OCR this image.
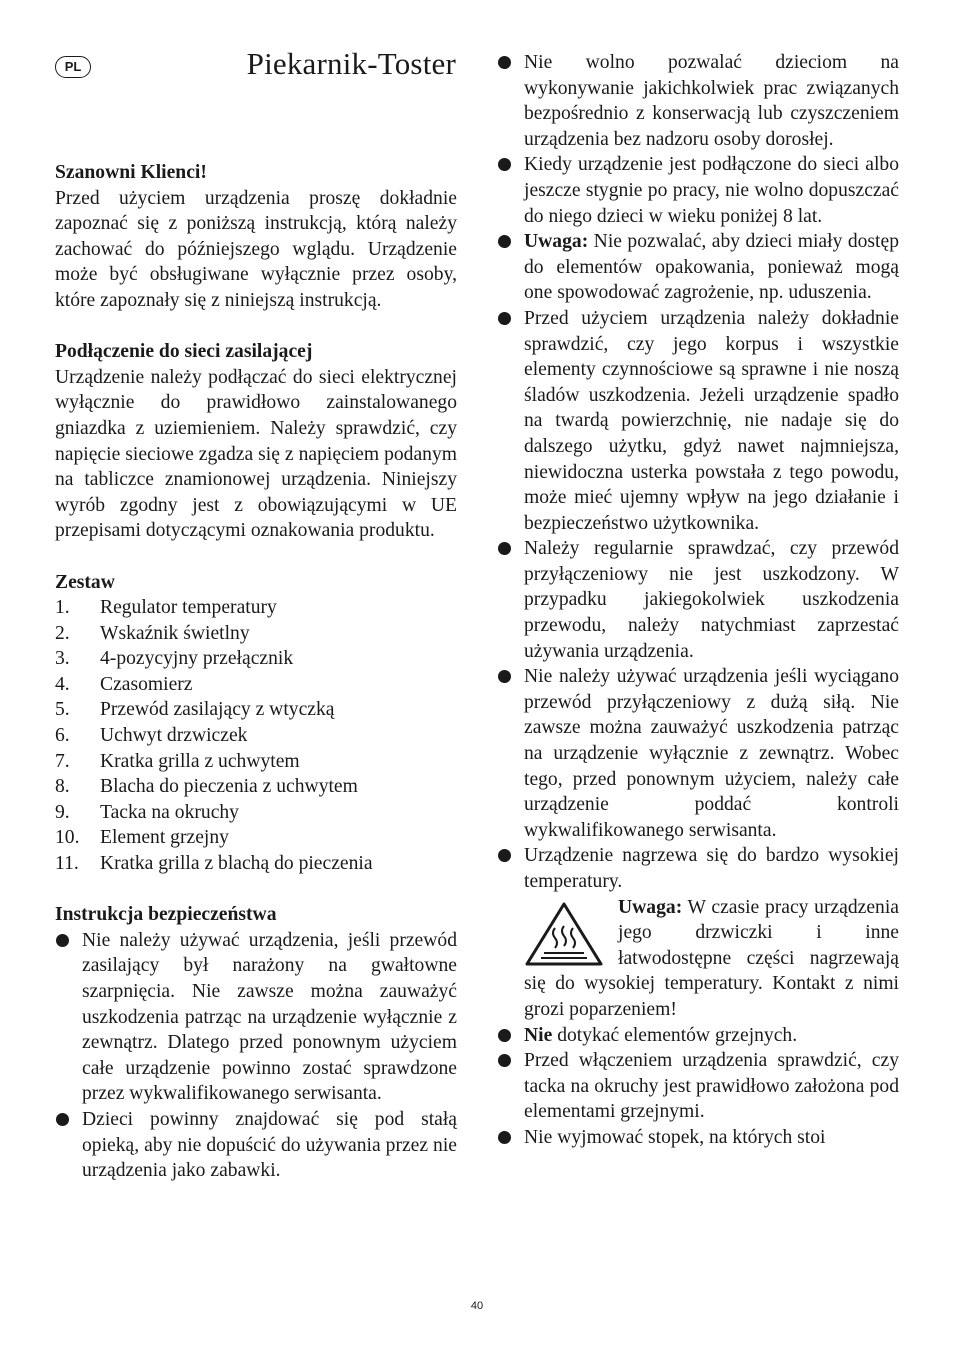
PL	Piekarnik-Toster
Szanowni Klienci!

Przed użyciem urządzenia proszę dokładnie zapoznać się z poniższą instrukcją, którą należy zachować do późniejszego wglądu. Urządzenie może być obsługiwane wyłącznie przez osoby, które zapoznały się z niniejszą instrukcją.

Podłączenie do sieci zasilającej

Urządzenie należy podłączać do sieci elektrycznej wyłącznie do prawidłowo zainstalowanego gniazdka z uziemieniem. Należy sprawdzić, czy napięcie sieciowe zgadza się z napięciem podanym na tabliczce znamionowej urządzenia. Niniejszy wyrób zgodny jest z obowiązującymi w UE przepisami dotyczącymi oznakowania produktu.

Zestaw
1.	Regulator temperatury
2.	Wskaźnik świetlny
3.	4-pozycyjny przełącznik
4.	Czasomierz
5.	Przewód zasilający z wtyczką
6.	Uchwyt drzwiczek
7.	Kratka grilla z uchwytem
8.	Blacha do pieczenia z uchwytem
9.	Tacka na okruchy
10.	Element grzejny
11.	Kratka grilla z blachą do pieczenia
Instrukcja bezpieczeństwa
Nie należy używać urządzenia, jeśli przewód zasilający był narażony na gwałtowne szarpnięcia. Nie zawsze można zauważyć uszkodzenia patrząc na urządzenie wyłącznie z zewnątrz. Dlatego przed ponownym użyciem całe urządzenie powinno zostać sprawdzone przez wykwalifikowanego serwisanta.
Dzieci powinny znajdować się pod stałą opieką, aby nie dopuścić do używania przez nie urządzenia jako zabawki.
Nie wolno pozwalać dzieciom na wykonywanie jakichkolwiek prac związanych bezpośrednio z konserwacją lub czyszczeniem urządzenia bez nadzoru osoby dorosłej.
Kiedy urządzenie jest podłączone do sieci albo jeszcze stygnie po pracy, nie wolno dopuszczać do niego dzieci w wieku poniżej 8 lat.
Uwaga: Nie pozwalać, aby dzieci miały dostęp do elementów opakowania, ponieważ mogą one spowodować zagrożenie, np. uduszenia.
Przed użyciem urządzenia należy dokładnie sprawdzić, czy jego korpus i wszystkie elementy czynnościowe są sprawne i nie noszą śladów uszkodzenia. Jeżeli urządzenie spadło na twardą powierzchnię, nie nadaje się do dalszego użytku, gdyż nawet najmniejsza, niewidoczna usterka powstała z tego powodu, może mieć ujemny wpływ na jego działanie i bezpieczeństwo użytkownika.
Należy regularnie sprawdzać, czy przewód przyłączeniowy nie jest uszkodzony. W przypadku jakiegokolwiek uszkodzenia przewodu, należy natychmiast zaprzestać używania urządzenia.
Nie należy używać urządzenia jeśli wyciągano przewód przyłączeniowy z dużą siłą. Nie zawsze można zauważyć uszkodzenia patrząc na urządzenie wyłącznie z zewnątrz. Wobec tego, przed ponownym użyciem, należy całe urządzenie poddać kontroli wykwalifikowanego serwisanta.
Urządzenie nagrzewa się do bardzo wysokiej temperatury.
Uwaga: W czasie pracy urządzenia jego drzwiczki i inne łatwodostępne części nagrzewają się do wysokiej temperatury. Kontakt z nimi grozi poparzeniem!
Nie dotykać elementów grzejnych.
Przed włączeniem urządzenia sprawdzić, czy tacka na okruchy jest prawidłowo założona pod elementami grzejnymi.
Nie wyjmować stopek, na których stoi
40
